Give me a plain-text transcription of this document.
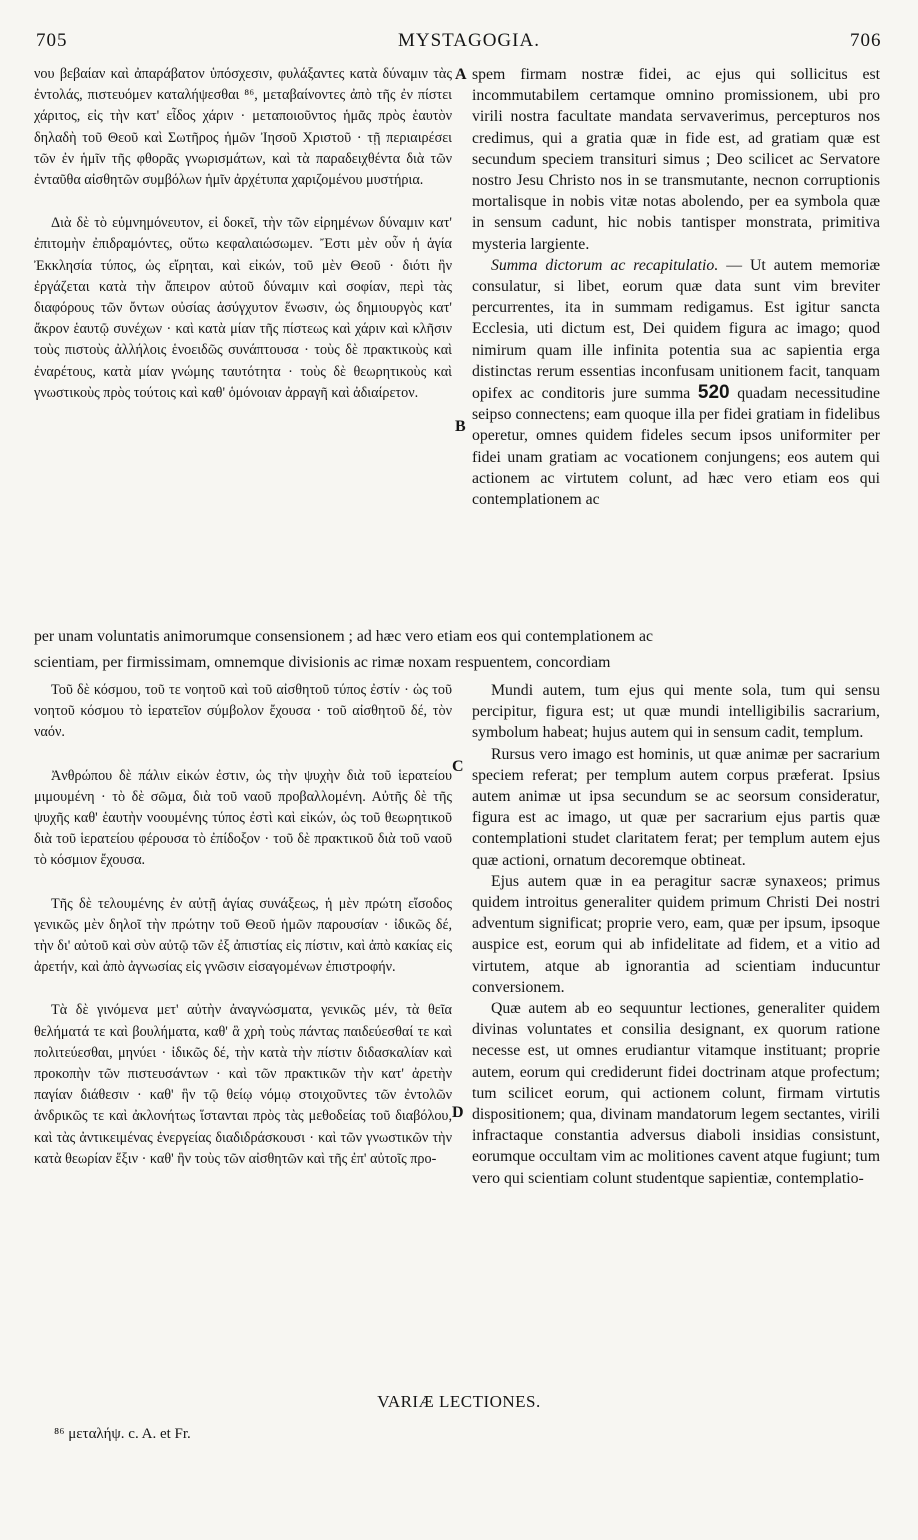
705	MYSTAGOGIA.	706

νου βεβαίαν καὶ ἀπαράβατον ὑπόσχεσιν, φυλάξαντες κατὰ δύναμιν τὰς ἐντολάς, πιστευόμεν καταλήψεσθαι ⁸⁶, μεταβαίνοντες ἀπὸ τῆς ἐν πίστει χάριτος, εἰς τὴν κατ' εἶδος χάριν · μεταποιοῦντος ἡμᾶς πρὸς ἑαυτὸν δηλαδὴ τοῦ Θεοῦ καὶ Σωτῆρος ἡμῶν Ἰησοῦ Χριστοῦ · τῇ περιαιρέσει τῶν ἐν ἡμῖν τῆς φθορᾶς γνωρισμάτων, καὶ τὰ παραδειχθέντα διὰ τῶν ἐνταῦθα αἰσθητῶν συμβόλων ἡμῖν ἀρχέτυπα χαριζομένου μυστήρια.

Διὰ δὲ τὸ εὐμνημόνευτον, εἰ δοκεῖ, τὴν τῶν εἰρημένων δύναμιν κατ' ἐπιτομὴν ἐπιδραμόντες, οὕτω κεφαλαιώσωμεν. Ἔστι μὲν οὖν ἡ ἁγία Ἐκκλησία τύπος, ὡς εἴρηται, καὶ εἰκών, τοῦ μὲν Θεοῦ · διότι ἣν ἐργάζεται κατὰ τὴν ἄπειρον αὐτοῦ δύναμιν καὶ σοφίαν, περὶ τὰς διαφόρους τῶν ὄντων οὐσίας ἀσύγχυτον ἕνωσιν, ὡς δημιουργὸς κατ' ἄκρον ἑαυτῷ συνέχων · καὶ κατὰ μίαν τῆς πίστεως καὶ χάριν καὶ κλῆσιν τοὺς πιστοὺς ἀλλήλοις ἑνοειδῶς συνάπτουσα · τοὺς δὲ πρακτικοὺς καὶ ἐναρέτους, κατὰ μίαν γνώμης ταυτότητα · τοὺς δὲ θεωρητικοὺς καὶ γνωστικοὺς πρὸς τούτοις καὶ καθ' ὁμόνοιαν ἀρραγῆ καὶ ἀδιαίρετον.

spem firmam nostræ fidei, ac ejus qui sollicitus est incommutabilem certamque omnino promissionem, ubi pro virili nostra facultate mandata servaverimus, percepturos nos credimus, qui a gratia quæ in fide est, ad gratiam quæ est secundum speciem transituri simus ; Deo scilicet ac Servatore nostro Jesu Christo nos in se transmutante, necnon corruptionis mortalisque in nobis vitæ notas abolendo, per ea symbola quæ in sensum cadunt, hic nobis tantisper monstrata, primitiva mysteria largiente.

Summa dictorum ac recapitulatio. — Ut autem memoriæ consulatur, si libet, eorum quæ data sunt vim breviter percurrentes, ita in summam redigamus. Est igitur sancta Ecclesia, uti dictum est, Dei quidem figura ac imago; quod nimirum quam ille infinita potentia sua ac sapientia erga distinctas rerum essentias inconfusam unitionem facit, tanquam opifex ac conditoris jure summa 520 quadam necessitudine seipso connectens; eam quoque illa per fidei gratiam in fidelibus operetur, omnes quidem fideles secum ipsos uniformiter per fidei unam gratiam ac vocationem conjungens; eos autem qui actionem ac virtutem colunt, ad hæc vero etiam eos qui contemplationem ac

per unam voluntatis animorumque consensionem ; ad hæc vero etiam eos qui contemplationem ac
scientiam, per firmissimam, omnemque divisionis ac rimæ noxam respuentem, concordiam

Τοῦ δὲ κόσμου, τοῦ τε νοητοῦ καὶ τοῦ αἰσθητοῦ τύπος ἐστίν · ὡς τοῦ νοητοῦ κόσμου τὸ ἱερατεῖον σύμβολον ἔχουσα · τοῦ αἰσθητοῦ δέ, τὸν ναόν.

Ἀνθρώπου δὲ πάλιν εἰκών ἐστιν, ὡς τὴν ψυχὴν διὰ τοῦ ἱερατείου μιμουμένη · τὸ δὲ σῶμα, διὰ τοῦ ναοῦ προβαλλομένη. Αὐτῆς δὲ τῆς ψυχῆς καθ' ἑαυτὴν νοουμένης τύπος ἐστὶ καὶ εἰκών, ὡς τοῦ θεωρητικοῦ διὰ τοῦ ἱερατείου φέρουσα τὸ ἐπίδοξον · τοῦ δὲ πρακτικοῦ διὰ τοῦ ναοῦ τὸ κόσμιον ἔχουσα.

Τῆς δὲ τελουμένης ἐν αὐτῇ ἁγίας συνάξεως, ἡ μὲν πρώτη εἴσοδος γενικῶς μὲν δηλοῖ τὴν πρώτην τοῦ Θεοῦ ἡμῶν παρουσίαν · ἰδικῶς δέ, τὴν δι' αὐτοῦ καὶ σὺν αὐτῷ τῶν ἐξ ἀπιστίας εἰς πίστιν, καὶ ἀπὸ κακίας εἰς ἀρετήν, καὶ ἀπὸ ἀγνωσίας εἰς γνῶσιν εἰσαγομένων ἐπιστροφήν.

Τὰ δὲ γινόμενα μετ' αὐτὴν ἀναγνώσματα, γενικῶς μέν, τὰ θεῖα θελήματά τε καὶ βουλήματα, καθ' ἃ χρὴ τοὺς πάντας παιδεύεσθαί τε καὶ πολιτεύεσθαι, μηνύει · ἰδικῶς δέ, τὴν κατὰ τὴν πίστιν διδασκαλίαν καὶ προκοπὴν τῶν πιστευσάντων · καὶ τῶν πρακτικῶν τὴν κατ' ἀρετὴν παγίαν διάθεσιν · καθ' ἣν τῷ θείῳ νόμῳ στοιχοῦντες τῶν ἐντολῶν ἀνδρικῶς τε καὶ ἀκλονήτως ἵστανται πρὸς τὰς μεθοδείας τοῦ διαβόλου, καὶ τὰς ἀντικειμένας ἐνεργείας διαδιδράσκουσι · καὶ τῶν γνωστικῶν τὴν κατὰ θεωρίαν ἕξιν · καθ' ἣν τοὺς τῶν αἰσθητῶν καὶ τῆς ἐπ' αὐτοῖς προ-

Mundi autem, tum ejus qui mente sola, tum qui sensu percipitur, figura est; ut quæ mundi intelligibilis sacrarium, symbolum habeat; hujus autem qui in sensum cadit, templum.

Rursus vero imago est hominis, ut quæ animæ per sacrarium speciem referat; per templum autem corpus præferat. Ipsius autem animæ ut ipsa secundum se ac seorsum consideratur, figura est ac imago, ut quæ per sacrarium ejus partis quæ contemplationi studet claritatem ferat; per templum autem ejus quæ actioni, ornatum decoremque obtineat.

Ejus autem quæ in ea peragitur sacræ synaxeos; primus quidem introitus generaliter quidem primum Christi Dei nostri adventum significat; proprie vero, eam, quæ per ipsum, ipsoque auspice est, eorum qui ab infidelitate ad fidem, et a vitio ad virtutem, atque ab ignorantia ad scientiam inducuntur conversionem.

Quæ autem ab eo sequuntur lectiones, generaliter quidem divinas voluntates et consilia designant, ex quorum ratione necesse est, ut omnes erudiantur vitamque instituant; proprie autem, eorum qui crediderunt fidei doctrinam atque profectum; tum scilicet eorum, qui actionem colunt, firmam virtutis dispositionem; qua, divinam mandatorum legem sectantes, virili infractaque constantia adversus diaboli insidias consistunt, eorumque occultam vim ac molitiones cavent atque fugiunt; tum vero qui scientiam colunt studentque sapientiæ, contemplatio-

A
B
C
D
VARIÆ LECTIONES.
⁸⁶ μεταλήψ. c. A. et Fr.
